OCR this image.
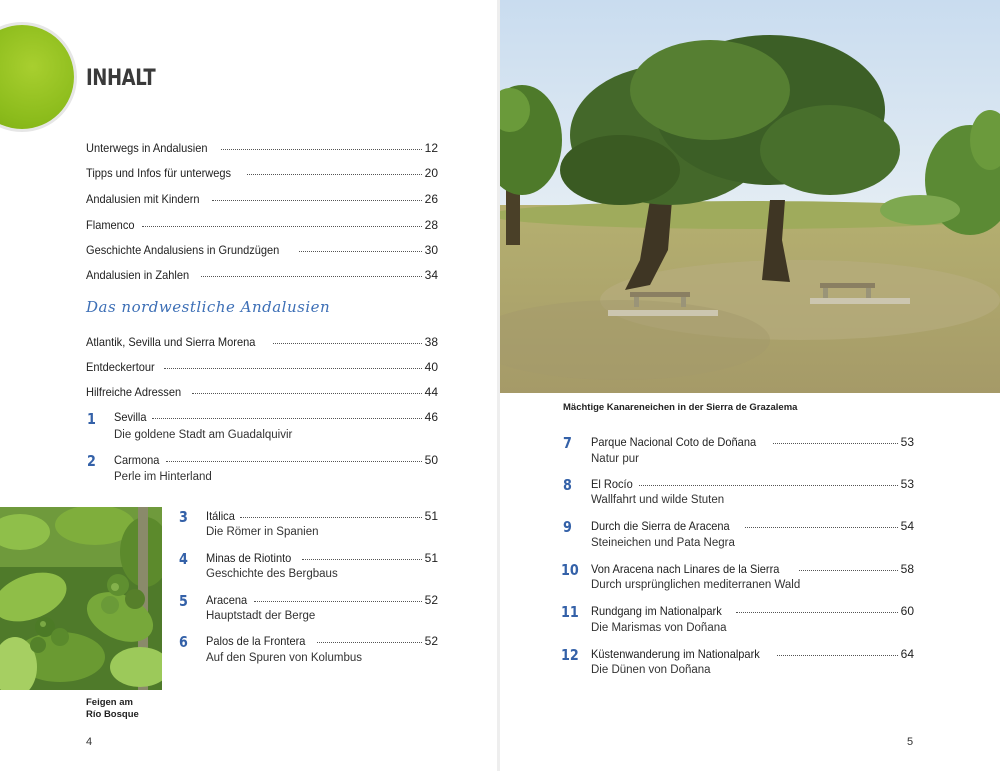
INHALT
Unterwegs in Andalusien	12
Tipps und Infos für unterwegs	20
Andalusien mit Kindern	26
Flamenco	28
Geschichte Andalusiens in Grundzügen	30
Andalusien in Zahlen	34
Das nordwestliche Andalusien
Atlantik, Sevilla und Sierra Morena	38
Entdeckertour	40
Hilfreiche Adressen	44
1 Sevilla	46
Die goldene Stadt am Guadalquivir
2 Carmona	50
Perle im Hinterland
Feigen am
Río Bosque
3 Itálica	51
Die Römer in Spanien
4 Minas de Riotinto	51
Geschichte des Bergbaus
5 Aracena	52
Hauptstadt der Berge
6 Palos de la Frontera	52
Auf den Spuren von Kolumbus
4
Mächtige Kanareneichen in der Sierra de Grazalema
7 Parque Nacional Coto de Doñana	53
Natur pur
8 El Rocío	53
Wallfahrt und wilde Stuten
9 Durch die Sierra de Aracena	54
Steineichen und Pata Negra
10 Von Aracena nach Linares de la Sierra	58
Durch ursprünglichen mediterranen Wald
11 Rundgang im Nationalpark	60
Die Marismas von Doñana
12 Küstenwanderung im Nationalpark	64
Die Dünen von Doñana
5
